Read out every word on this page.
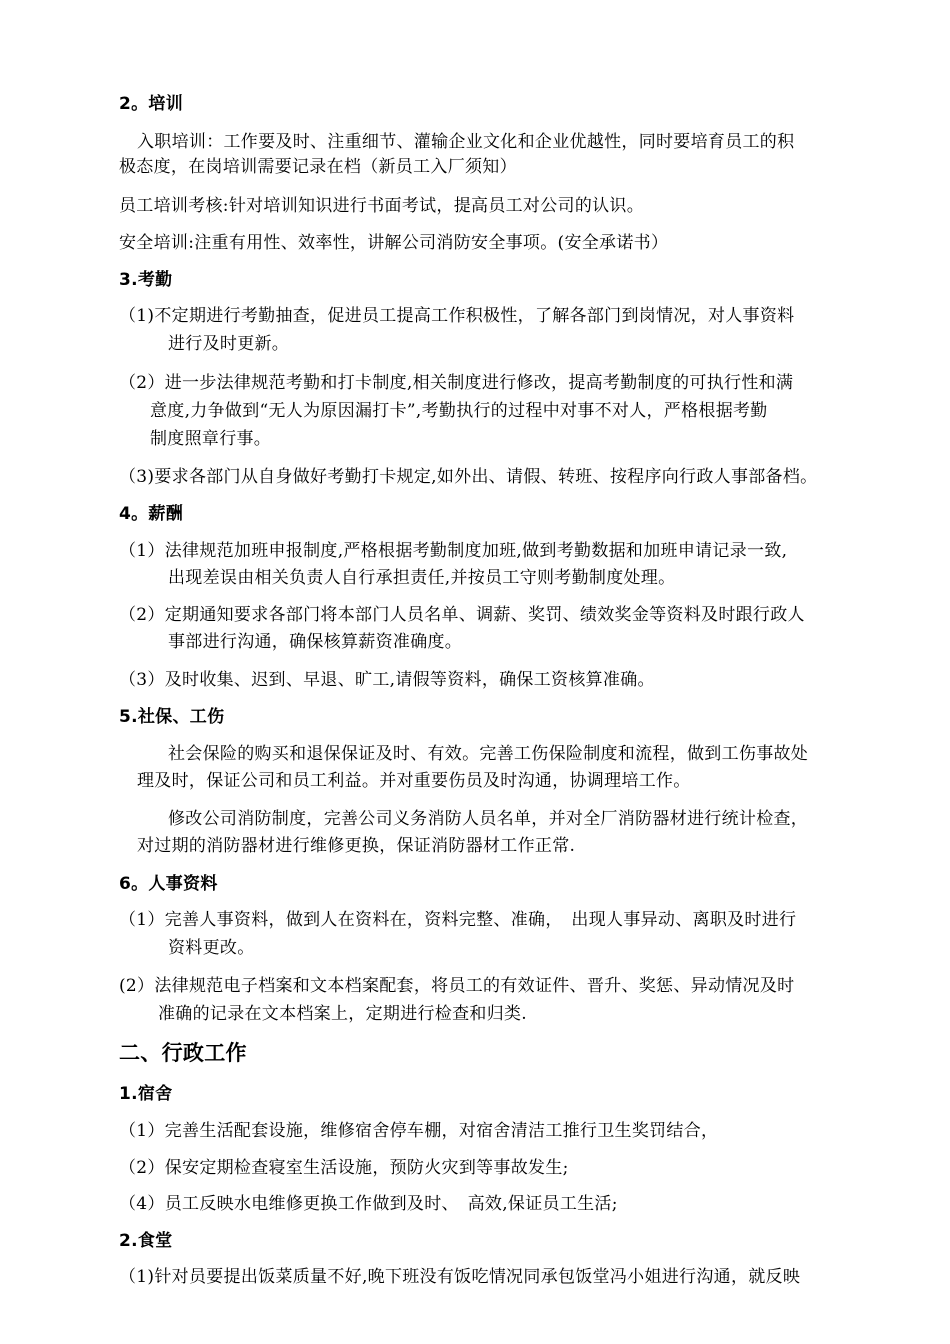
2。培训
入职培训：工作要及时、注重细节、灌输企业文化和企业优越性，同时要培育员工的积
极态度，在岗培训需要记录在档（新员工入厂须知）
员工培训考核:针对培训知识进行书面考试，提高员工对公司的认识。
安全培训:注重有用性、效率性，讲解公司消防安全事项。(安全承诺书）
3.考勤
（1)不定期进行考勤抽查，促进员工提高工作积极性，了解各部门到岗情况，对人事资料
进行及时更新。
（2）进一步法律规范考勤和打卡制度,相关制度进行修改，提高考勤制度的可执行性和满
意度,力争做到“无人为原因漏打卡”,考勤执行的过程中对事不对人，严格根据考勤
制度照章行事。
（3)要求各部门从自身做好考勤打卡规定,如外出、请假、转班、按程序向行政人事部备档。
4。薪酬
（1）法律规范加班申报制度,严格根据考勤制度加班,做到考勤数据和加班申请记录一致,
出现差误由相关负责人自行承担责任,并按员工守则考勤制度处理。
（2）定期通知要求各部门将本部门人员名单、调薪、奖罚、绩效奖金等资料及时跟行政人
事部进行沟通，确保核算薪资准确度。
（3）及时收集、迟到、早退、旷工,请假等资料，确保工资核算准确。
5.社保、工伤
社会保险的购买和退保保证及时、有效。完善工伤保险制度和流程，做到工伤事故处
理及时，保证公司和员工利益。并对重要伤员及时沟通，协调理培工作。
修改公司消防制度，完善公司义务消防人员名单，并对全厂消防器材进行统计检查，
对过期的消防器材进行维修更换，保证消防器材工作正常.
6。人事资料
（1）完善人事资料，做到人在资料在，资料完整、准确，　出现人事异动、离职及时进行
资料更改。
(2）法律规范电子档案和文本档案配套，将员工的有效证件、晋升、奖惩、异动情况及时
准确的记录在文本档案上，定期进行检查和归类.
二、行政工作
1.宿舍
（1）完善生活配套设施，维修宿舍停车棚，对宿舍清洁工推行卫生奖罚结合，
（2）保安定期检查寝室生活设施，预防火灾到等事故发生;
（4）员工反映水电维修更换工作做到及时、　高效,保证员工生活;
2.食堂
（1)针对员要提出饭菜质量不好,晚下班没有饭吃情况同承包饭堂冯小姐进行沟通，就反映
